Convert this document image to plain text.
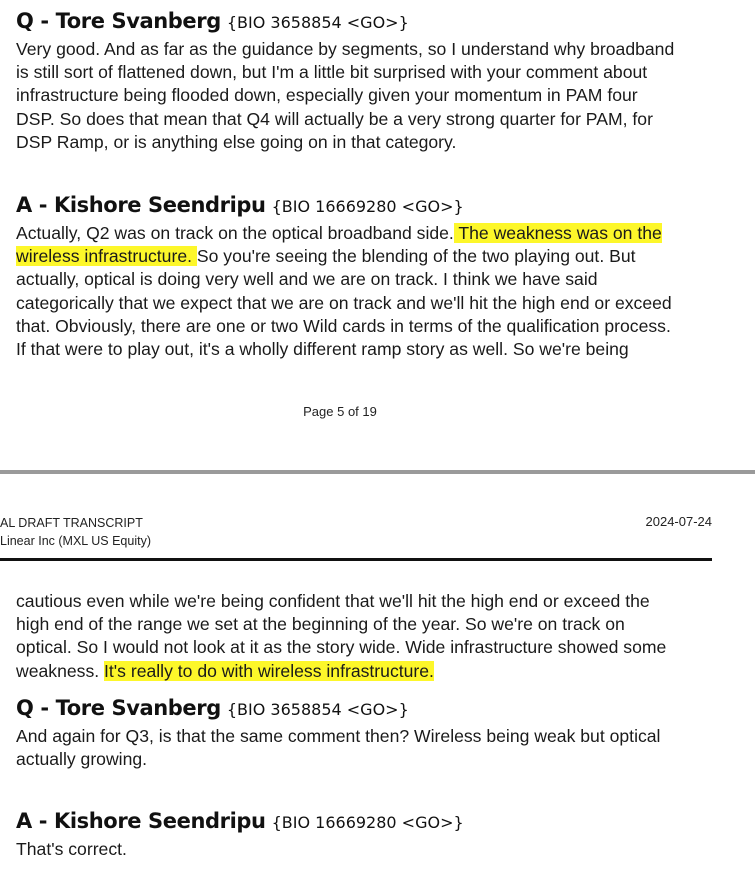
Q - Tore Svanberg {BIO 3658854 <GO>}

Very good. And as far as the guidance by segments, so I understand why broadband

is still sort of flattened down, but I'm a little bit surprised with your comment about

infrastructure being flooded down, especially given your momentum in PAM four

DSP. So does that mean that Q4 will actually be a very strong quarter for PAM, for

DSP Ramp, or is anything else going on in that category.

A - Kishore Seendripu {BIO 16669280 <GO>}

Actually, Q2 was on track on the optical broadband side. The weakness was on the

wireless infrastructure. So you're seeing the blending of the two playing out. But

actually, optical is doing very well and we are on track. I think we have said

categorically that we expect that we are on track and we'll hit the high end or exceed

that. Obviously, there are one or two Wild cards in terms of the qualification process.

If that were to play out, it's a wholly different ramp story as well. So we're being

Page 5 of 19
AL DRAFT TRANSCRIPT
Linear Inc (MXL US Equity)
2024-07-24

cautious even while we're being confident that we'll hit the high end or exceed the

high end of the range we set at the beginning of the year. So we're on track on

optical. So I would not look at it as the story wide. Wide infrastructure showed some

weakness. It's really to do with wireless infrastructure.

Q - Tore Svanberg {BIO 3658854 <GO>}

And again for Q3, is that the same comment then? Wireless being weak but optical

actually growing.

A - Kishore Seendripu {BIO 16669280 <GO>}

That's correct.
